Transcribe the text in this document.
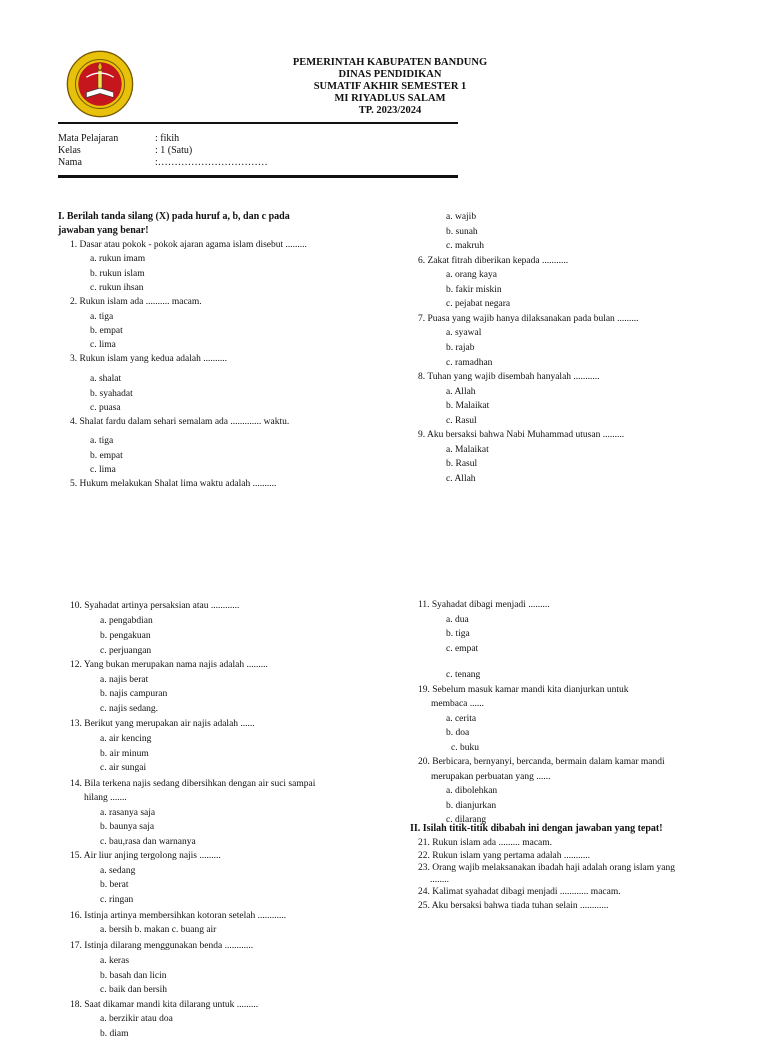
PEMERINTAH KABUPATEN BANDUNG
DINAS PENDIDIKAN
SUMATIF AKHIR SEMESTER 1
MI RIYADLUS SALAM
TP. 2023/2024
Mata Pelajaran	: fikih
Kelas	: 1 (Satu)
Nama	:……………………………
I. Berilah tanda silang (X) pada huruf a, b, dan c pada
jawaban yang benar!
1. Dasar atau pokok - pokok ajaran agama islam disebut .........
a. rukun imam
b. rukun islam
c. rukun ihsan
2. Rukun islam ada .......... macam.
a. tiga
b. empat
c. lima
3. Rukun islam yang kedua adalah ..........
a. shalat
b. syahadat
c. puasa
4. Shalat fardu dalam sehari semalam ada ............. waktu.
a. tiga
b. empat
c. lima
5. Hukum melakukan Shalat lima waktu adalah ..........
a. wajib
b. sunah
c. makruh
6. Zakat fitrah diberikan kepada ...........
a. orang kaya
b. fakir miskin
c. pejabat negara
7. Puasa yang wajib hanya dilaksanakan pada bulan .........
a. syawal
b. rajab
c. ramadhan
8. Tuhan yang wajib disembah hanyalah ...........
a. Allah
b. Malaikat
c. Rasul
9. Aku bersaksi bahwa Nabi Muhammad utusan .........
a. Malaikat
b. Rasul
c. Allah
10. Syahadat artinya persaksian atau ............
a. pengabdian
b. pengakuan
c. perjuangan
12. Yang bukan merupakan nama najis adalah .........
a. najis berat
b. najis campuran
c. najis sedang.
13. Berikut yang merupakan air najis adalah ......
a. air kencing
b. air minum
c. air sungai
14. Bila terkena najis sedang dibersihkan dengan air suci sampai
hilang .......
a. rasanya saja
b. baunya saja
c. bau,rasa dan warnanya
15. Air liur anjing tergolong najis .........
a. sedang
b. berat
c. ringan
16. Istinja artinya membersihkan kotoran setelah ............
a. bersih b. makan c. buang air
17. Istinja dilarang menggunakan benda ............
a. keras
b. basah dan licin
c. baik dan bersih
18. Saat dikamar mandi kita dilarang untuk .........
a. berzikir atau doa
b. diam
11. Syahadat dibagi menjadi .........
a. dua
b. tiga
c. empat
c. tenang
19. Sebelum masuk kamar mandi kita dianjurkan untuk
membaca ......
a. cerita
b. doa
c. buku
20. Berbicara, bernyanyi, bercanda, bermain dalam kamar mandi
merupakan perbuatan yang ......
a. dibolehkan
b. dianjurkan
c. dilarang
II. Isilah titik-titik dibabah ini dengan jawaban yang tepat!
21. Rukun islam ada ......... macam.
22. Rukun islam yang pertama adalah ...........
23. Orang wajib melaksanakan ibadah haji adalah orang islam yang
........
24. Kalimat syahadat dibagi menjadi ............ macam.
25. Aku bersaksi bahwa tiada tuhan selain ............
